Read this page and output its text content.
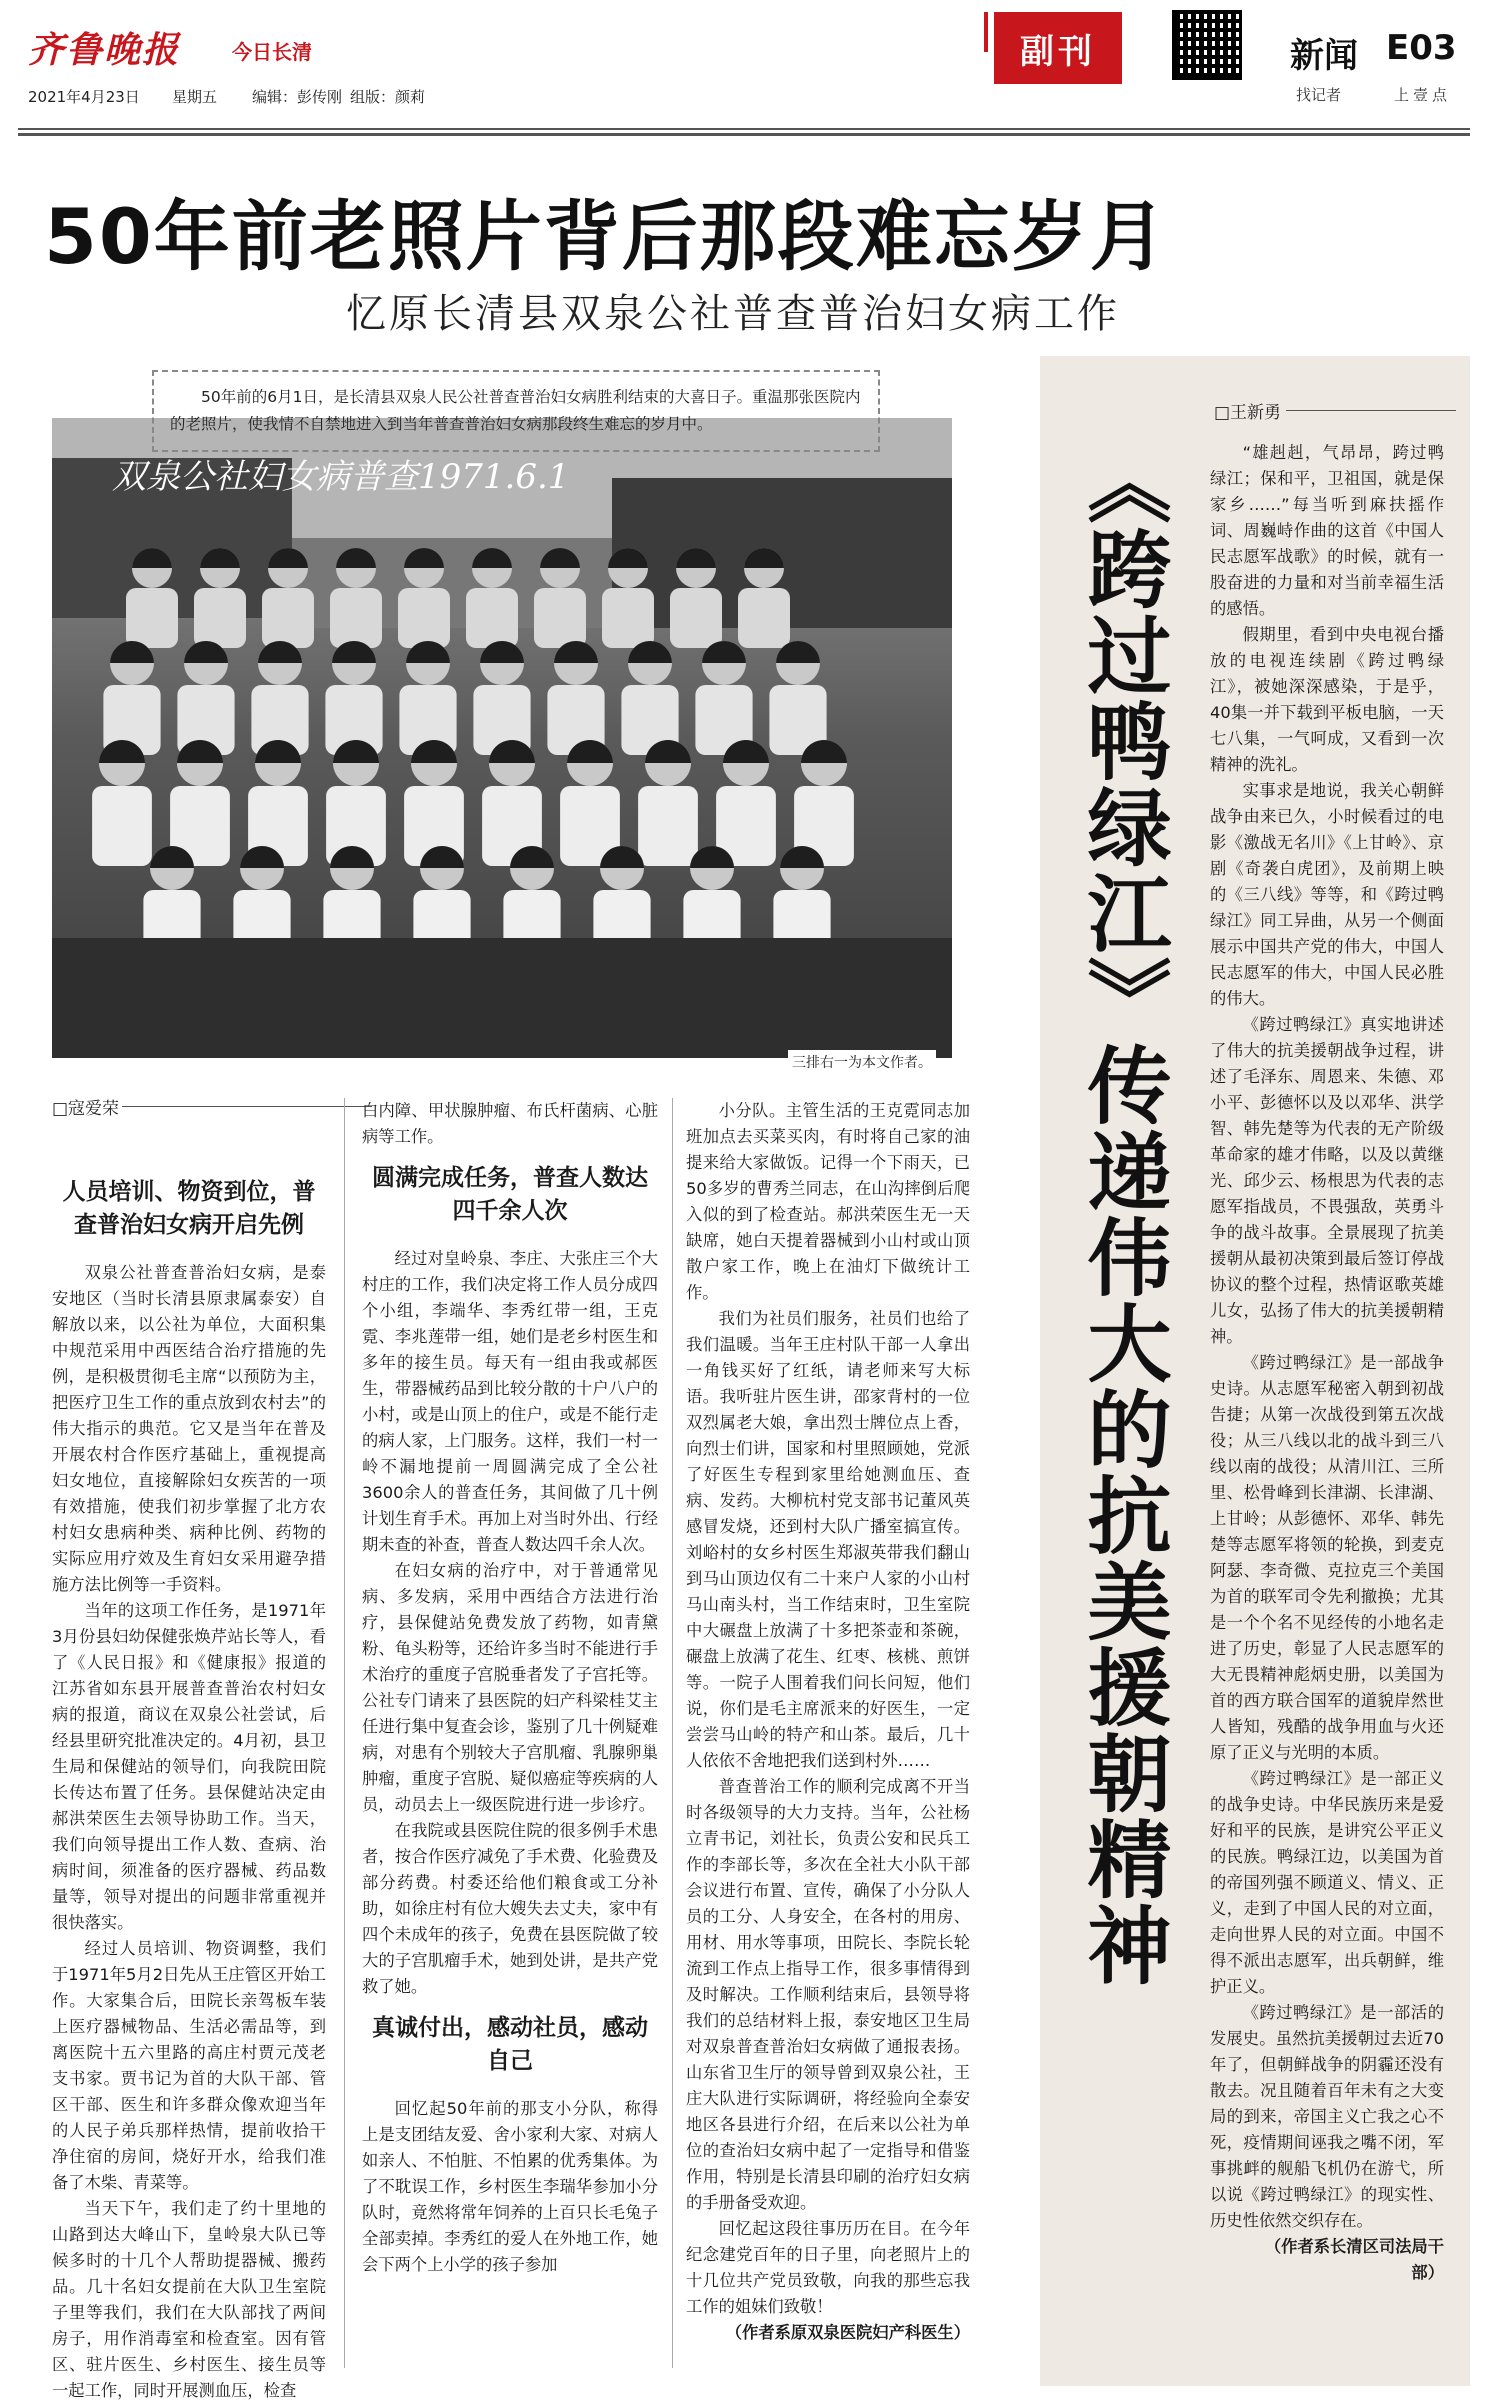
齐鲁晚报	今日长清
2021年4月23日 星期五 编辑：彭传刚 组版：颜莉
副刊	新闻 E03
找记者	上壹点
50年前老照片背后那段难忘岁月
忆原长清县双泉公社普查普治妇女病工作
双泉公社妇女病普查1971.6.1
50年前的6月1日，是长清县双泉人民公社普查普治妇女病胜利结束的大喜日子。重温那张医院内的老照片，使我情不自禁地进入到当年普查普治妇女病那段终生难忘的岁月中。
三排右一为本文作者。
□寇爱荣
人员培训、物资到位，普查普治妇女病开启先例

双泉公社普查普治妇女病，是泰安地区（当时长清县原隶属泰安）自解放以来，以公社为单位，大面积集中规范采用中西医结合治疗措施的先例，是积极贯彻毛主席“以预防为主，把医疗卫生工作的重点放到农村去”的伟大指示的典范。它又是当年在普及开展农村合作医疗基础上，重视提高妇女地位，直接解除妇女疾苦的一项有效措施，使我们初步掌握了北方农村妇女患病种类、病种比例、药物的实际应用疗效及生育妇女采用避孕措施方法比例等一手资料。

当年的这项工作任务，是1971年3月份县妇幼保健张焕芹站长等人，看了《人民日报》和《健康报》报道的江苏省如东县开展普查普治农村妇女病的报道，商议在双泉公社尝试，后经县里研究批准决定的。4月初，县卫生局和保健站的领导们，向我院田院长传达布置了任务。县保健站决定由郝洪荣医生去领导协助工作。当天，我们向领导提出工作人数、查病、治病时间，须准备的医疗器械、药品数量等，领导对提出的问题非常重视并很快落实。

经过人员培训、物资调整，我们于1971年5月2日先从王庄管区开始工作。大家集合后，田院长亲驾板车装上医疗器械物品、生活必需品等，到离医院十五六里路的高庄村贾元茂老支书家。贾书记为首的大队干部、管区干部、医生和许多群众像欢迎当年的人民子弟兵那样热情，提前收拾干净住宿的房间，烧好开水，给我们准备了木柴、青菜等。

当天下午，我们走了约十里地的山路到达大峰山下，皇岭泉大队已等候多时的十几个人帮助提器械、搬药品。几十名妇女提前在大队卫生室院子里等我们，我们在大队部找了两间房子，用作消毒室和检查室。因有管区、驻片医生、乡村医生、接生员等一起工作，同时开展测血压，检查

白内障、甲状腺肿瘤、布氏杆菌病、心脏病等工作。

圆满完成任务，普查人数达四千余人次

经过对皇岭泉、李庄、大张庄三个大村庄的工作，我们决定将工作人员分成四个小组，李端华、李秀红带一组，王克霓、李兆莲带一组，她们是老乡村医生和多年的接生员。每天有一组由我或郝医生，带器械药品到比较分散的十户八户的小村，或是山顶上的住户，或是不能行走的病人家，上门服务。这样，我们一村一岭不漏地提前一周圆满完成了全公社3600余人的普查任务，其间做了几十例计划生育手术。再加上对当时外出、行经期未查的补查，普查人数达四千余人次。

在妇女病的治疗中，对于普通常见病、多发病，采用中西结合方法进行治疗，县保健站免费发放了药物，如青黛粉、龟头粉等，还给许多当时不能进行手术治疗的重度子宫脱垂者发了子宫托等。公社专门请来了县医院的妇产科梁桂艾主任进行集中复查会诊，鉴别了几十例疑难病，对患有个别较大子宫肌瘤、乳腺卵巢肿瘤，重度子宫脱、疑似癌症等疾病的人员，动员去上一级医院进行进一步诊疗。

在我院或县医院住院的很多例手术患者，按合作医疗减免了手术费、化验费及部分药费。村委还给他们粮食或工分补助，如徐庄村有位大嫂失去丈夫，家中有四个未成年的孩子，免费在县医院做了较大的子宫肌瘤手术，她到处讲，是共产党救了她。

真诚付出，感动社员，感动自己

回忆起50年前的那支小分队，称得上是支团结友爱、舍小家利大家、对病人如亲人、不怕脏、不怕累的优秀集体。为了不耽误工作，乡村医生李瑞华参加小分队时，竟然将常年饲养的上百只长毛兔子全部卖掉。李秀红的爱人在外地工作，她会下两个上小学的孩子参加

小分队。主管生活的王克霓同志加班加点去买菜买肉，有时将自己家的油提来给大家做饭。记得一个下雨天，已50多岁的曹秀兰同志，在山沟摔倒后爬入似的到了检查站。郝洪荣医生无一天缺席，她白天提着器械到小山村或山顶散户家工作，晚上在油灯下做统计工作。

我们为社员们服务，社员们也给了我们温暖。当年王庄村队干部一人拿出一角钱买好了红纸，请老师来写大标语。我听驻片医生讲，邵家背村的一位双烈属老大娘，拿出烈士牌位点上香，向烈士们讲，国家和村里照顾她，党派了好医生专程到家里给她测血压、查病、发药。大柳杭村党支部书记董风英感冒发烧，还到村大队广播室搞宣传。刘峪村的女乡村医生郑淑英带我们翻山到马山顶边仅有二十来户人家的小山村马山南头村，当工作结束时，卫生室院中大碾盘上放满了十多把茶壶和茶碗，碾盘上放满了花生、红枣、核桃、煎饼等。一院子人围着我们问长问短，他们说，你们是毛主席派来的好医生，一定尝尝马山岭的特产和山茶。最后，几十人依依不舍地把我们送到村外……

普查普治工作的顺利完成离不开当时各级领导的大力支持。当年，公社杨立青书记，刘社长，负责公安和民兵工作的李部长等，多次在全社大小队干部会议进行布置、宣传，确保了小分队人员的工分、人身安全，在各村的用房、用材、用水等事项，田院长、李院长轮流到工作点上指导工作，很多事情得到及时解决。工作顺利结束后，县领导将我们的总结材料上报，泰安地区卫生局对双泉普查普治妇女病做了通报表扬。山东省卫生厅的领导曾到双泉公社，王庄大队进行实际调研，将经验向全泰安地区各县进行介绍，在后来以公社为单位的查治妇女病中起了一定指导和借鉴作用，特别是长清县印刷的治疗妇女病的手册备受欢迎。

回忆起这段往事历历在目。在今年纪念建党百年的日子里，向老照片上的十几位共产党员致敬，向我的那些忘我工作的姐妹们致敬！

（作者系原双泉医院妇产科医生）

《跨过鸭绿江》传递伟大的抗美援朝精神
□王新勇

“雄赳赳，气昂昂，跨过鸭绿江；保和平，卫祖国，就是保家乡……”每当听到麻扶摇作词、周巍峙作曲的这首《中国人民志愿军战歌》的时候，就有一股奋进的力量和对当前幸福生活的感悟。

假期里，看到中央电视台播放的电视连续剧《跨过鸭绿江》，被她深深感染，于是乎，40集一并下载到平板电脑，一天七八集，一气呵成，又看到一次精神的洗礼。

实事求是地说，我关心朝鲜战争由来已久，小时候看过的电影《激战无名川》《上甘岭》、京剧《奇袭白虎团》，及前期上映的《三八线》等等，和《跨过鸭绿江》同工异曲，从另一个侧面展示中国共产党的伟大，中国人民志愿军的伟大，中国人民必胜的伟大。

《跨过鸭绿江》真实地讲述了伟大的抗美援朝战争过程，讲述了毛泽东、周恩来、朱德、邓小平、彭德怀以及以邓华、洪学智、韩先楚等为代表的无产阶级革命家的雄才伟略，以及以黄继光、邱少云、杨根思为代表的志愿军指战员，不畏强敌，英勇斗争的战斗故事。全景展现了抗美援朝从最初决策到最后签订停战协议的整个过程，热情讴歌英雄儿女，弘扬了伟大的抗美援朝精神。

《跨过鸭绿江》是一部战争史诗。从志愿军秘密入朝到初战告捷；从第一次战役到第五次战役；从三八线以北的战斗到三八线以南的战役；从清川江、三所里、松骨峰到长津湖、长津湖、上甘岭；从彭德怀、邓华、韩先楚等志愿军将领的轮换，到麦克阿瑟、李奇微、克拉克三个美国为首的联军司令先利撤换；尤其是一个个名不见经传的小地名走进了历史，彰显了人民志愿军的大无畏精神彪炳史册，以美国为首的西方联合国军的道貌岸然世人皆知，残酷的战争用血与火还原了正义与光明的本质。

《跨过鸭绿江》是一部正义的战争史诗。中华民族历来是爱好和平的民族，是讲究公平正义的民族。鸭绿江边，以美国为首的帝国列强不顾道义、情义、正义，走到了中国人民的对立面，走向世界人民的对立面。中国不得不派出志愿军，出兵朝鲜，维护正义。

《跨过鸭绿江》是一部活的发展史。虽然抗美援朝过去近70年了，但朝鲜战争的阴霾还没有散去。况且随着百年未有之大变局的到来，帝国主义亡我之心不死，疫情期间诬我之嘴不闭，军事挑衅的舰船飞机仍在游弋，所以说《跨过鸭绿江》的现实性、历史性依然交织存在。

（作者系长清区司法局干部）
